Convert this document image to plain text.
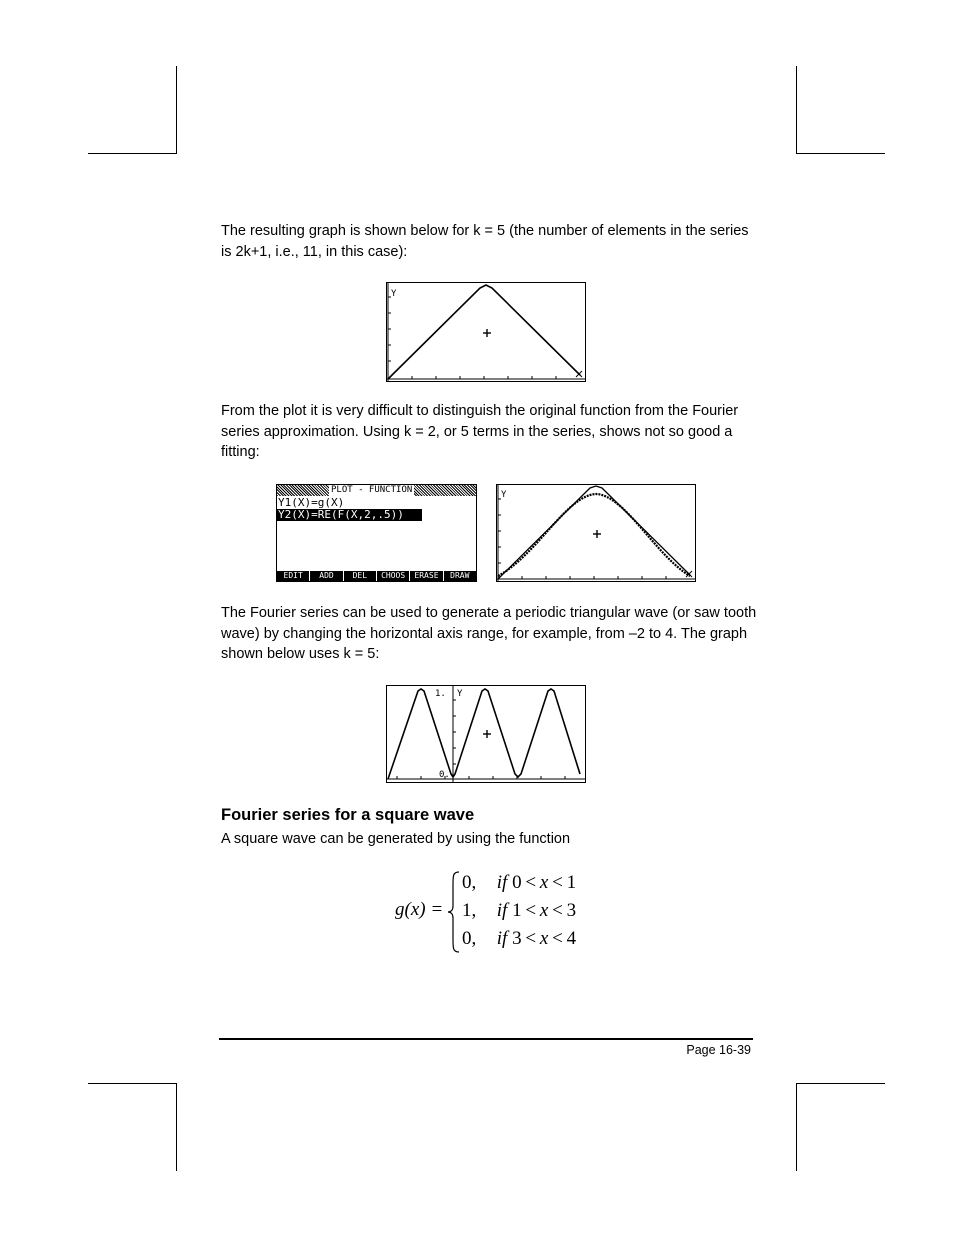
The resulting graph is shown below for k = 5 (the number of elements in the series is 2k+1, i.e., 11, in this case):
Y
From the plot it is very difficult to distinguish the original function from the Fourier series approximation. Using k = 2, or 5 terms in the series, shows not so good a fitting:
PLOT - FUNCTION
Y1(X)=g(X)
Y2(X)=RE(F(X,2,.5))
EDIT	ADD	DEL	CHOOS	ERASE	DRAW
Y
The Fourier series can be used to generate a periodic triangular wave (or saw tooth wave) by changing the horizontal axis range, for example, from –2 to 4. The graph shown below uses k = 5:
1. Y
0.
Fourier series for a square wave
A square wave can be generated by using the function
g(x) =
0, if 0 < x < 1
1, if 1 < x < 3
0, if 3 < x < 4
Page 16-39
